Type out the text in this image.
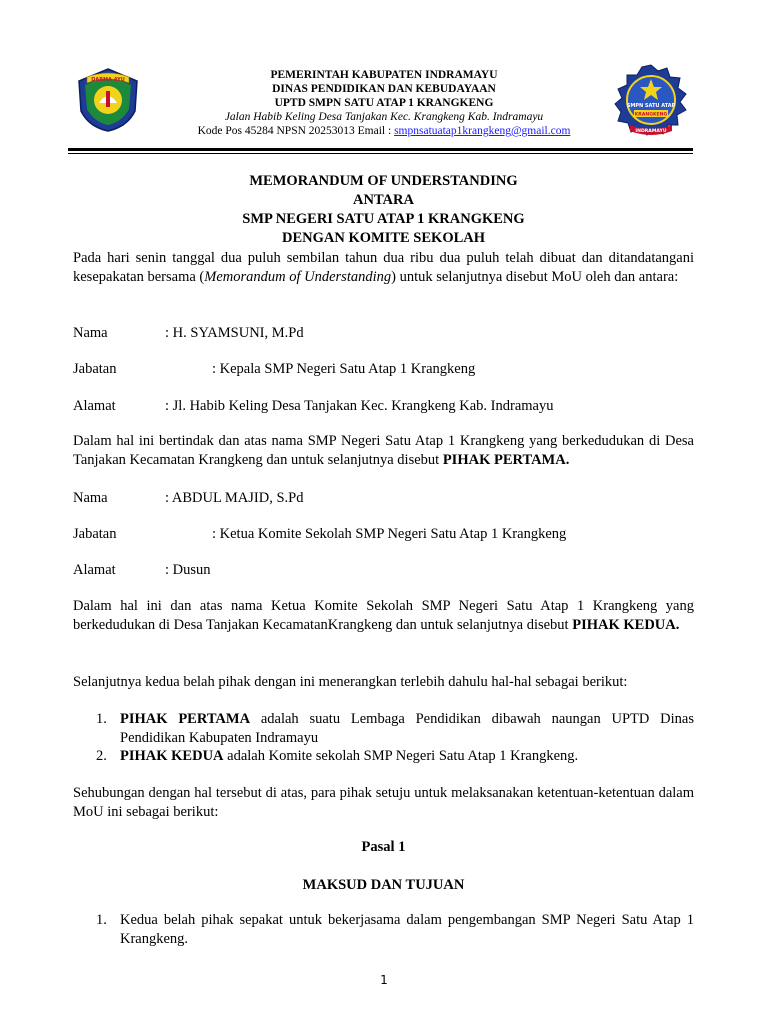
DARMA AYU	PEMERINTAH KABUPATEN INDRAMAYU
DINAS PENDIDIKAN DAN KEBUDAYAAN
UPTD SMPN SATU ATAP 1 KRANGKENG
Jalan Habib Keling Desa Tanjakan Kec. Krangkeng Kab. Indramayu
Kode Pos 45284 NPSN 20253013 Email : smpnsatuatap1krangkeng@gmail.com
SMPN SATU ATAP
KRANGKENG
INDRAMAYU
MEMORANDUM OF UNDERSTANDING
ANTARA
SMP NEGERI SATU ATAP 1 KRANGKENG
DENGAN KOMITE SEKOLAH
Pada hari senin tanggal dua puluh sembilan tahun dua ribu dua puluh telah dibuat dan ditandatangani kesepakatan bersama (Memorandum of Understanding) untuk selanjutnya disebut MoU oleh dan antara:
Nama	: H. SYAMSUNI, M.Pd
Jabatan	: Kepala SMP Negeri Satu Atap 1 Krangkeng
Alamat	: Jl. Habib Keling Desa Tanjakan Kec. Krangkeng Kab. Indramayu
Dalam hal ini bertindak dan atas nama SMP Negeri Satu Atap 1 Krangkeng yang berkedudukan di Desa Tanjakan Kecamatan Krangkeng dan untuk selanjutnya disebut PIHAK PERTAMA.
Nama	: ABDUL MAJID, S.Pd
Jabatan	: Ketua Komite Sekolah SMP Negeri Satu Atap 1 Krangkeng
Alamat	: Dusun
Dalam hal ini dan atas nama Ketua Komite Sekolah SMP Negeri Satu Atap 1 Krangkeng yang berkedudukan di Desa Tanjakan KecamatanKrangkeng dan untuk selanjutnya disebut PIHAK KEDUA.
Selanjutnya kedua belah pihak dengan ini menerangkan terlebih dahulu hal-hal sebagai berikut:
1. PIHAK PERTAMA adalah suatu Lembaga Pendidikan dibawah naungan UPTD Dinas Pendidikan Kabupaten Indramayu
2. PIHAK KEDUA adalah Komite sekolah SMP Negeri Satu Atap 1 Krangkeng.
Sehubungan dengan hal tersebut di atas, para pihak setuju untuk melaksanakan ketentuan-ketentuan dalam MoU ini sebagai berikut:
Pasal 1
MAKSUD DAN TUJUAN
1. Kedua belah pihak sepakat untuk bekerjasama dalam pengembangan SMP Negeri Satu Atap 1 Krangkeng.
1
